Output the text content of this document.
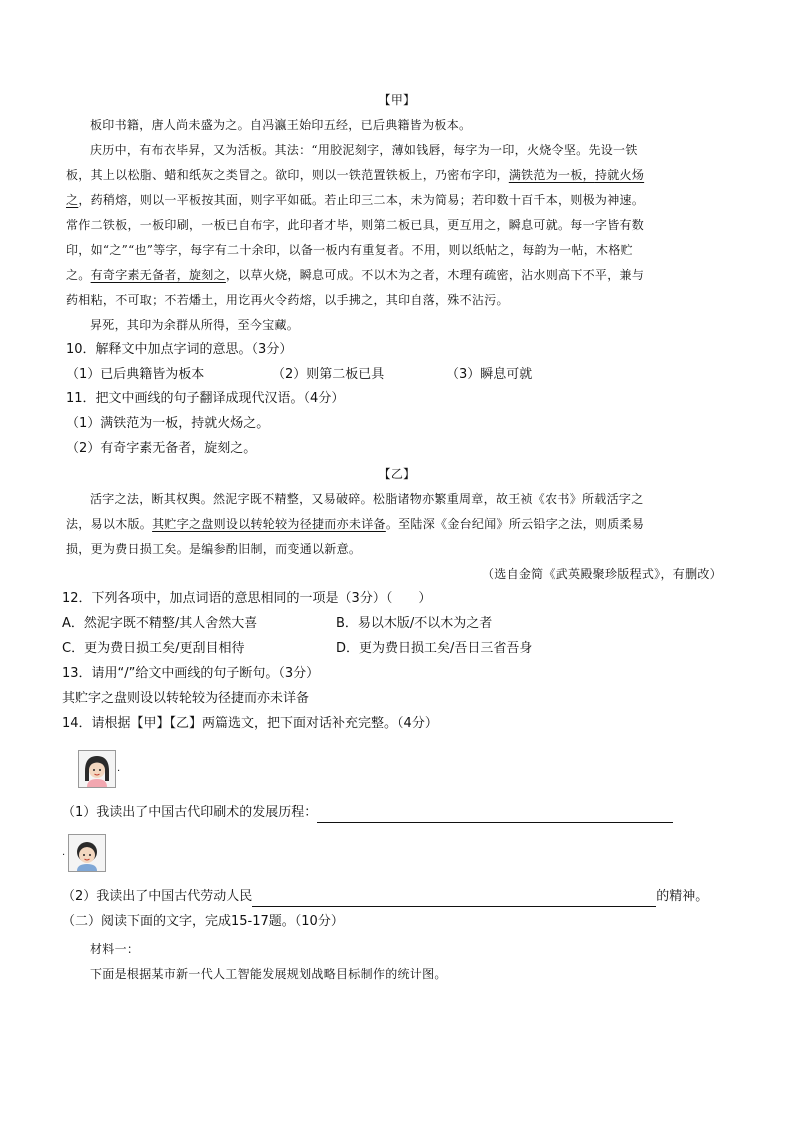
【甲】
板印书籍，唐人尚未盛为之。自冯瀛王始印五经，已后典籍皆为板本。
庆历中，有布衣毕昇，又为活板。其法：“用胶泥刻字，薄如钱唇，每字为一印，火烧令坚。先设一铁
板，其上以松脂、蜡和纸灰之类冒之。欲印，则以一铁范置铁板上，乃密布字印，满铁范为一板，持就火炀
之，药稍熔，则以一平板按其面，则字平如砥。若止印三二本，未为简易；若印数十百千本，则极为神速。
常作二铁板，一板印刷，一板已自布字，此印者才毕，则第二板已具，更互用之，瞬息可就。每一字皆有数
印，如“之”“也”等字，每字有二十余印，以备一板内有重复者。不用，则以纸帖之，每韵为一帖，木格贮
之。有奇字素无备者，旋刻之，以草火烧，瞬息可成。不以木为之者，木理有疏密，沾水则高下不平，兼与
药相粘，不可取；不若燔土，用讫再火令药熔，以手拂之，其印自落，殊不沾污。
昇死，其印为余群从所得，至今宝藏。
10．解释文中加点字词的意思。（3分）
（1）已后典籍皆为板本	（2）则第二板已具	（3）瞬息可就
11．把文中画线的句子翻译成现代汉语。（4分）
（1）满铁范为一板，持就火炀之。
（2）有奇字素无备者，旋刻之。
【乙】
活字之法，断其权舆。然泥字既不精整，又易破碎。松脂诸物亦繁重周章，故王祯《农书》所载活字之
法，易以木版。其贮字之盘则设以转轮较为径捷而亦未详备。至陆深《金台纪闻》所云铅字之法，则质柔易
损，更为费日损工矣。是编参酌旧制，而变通以新意。
（选自金简《武英殿聚珍版程式》，有删改）
12．下列各项中，加点词语的意思相同的一项是（3分）（　　）
A．然泥字既不精整/其人舍然大喜	B．易以木版/不以木为之者
C．更为费日损工矣/更刮目相待	D．更为费日损工矣/吾日三省吾身
13．请用“/”给文中画线的句子断句。（3分）
其贮字之盘则设以转轮较为径捷而亦未详备
14．请根据【甲】【乙】两篇选文，把下面对话补充完整。（4分）
·
（1）我读出了中国古代印刷术的发展历程：
·
（2）我读出了中国古代劳动人民	的精神。
（二）阅读下面的文字，完成15-17题。（10分）
材料一：
下面是根据某市新一代人工智能发展规划战略目标制作的统计图。
